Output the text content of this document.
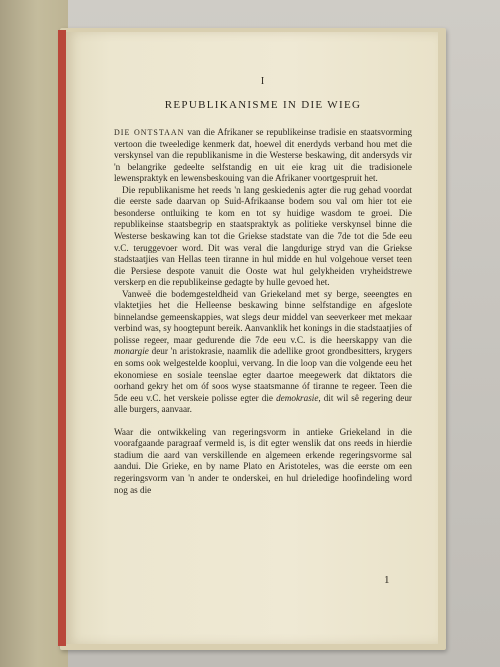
I
REPUBLIKANISME IN DIE WIEG

DIE ONTSTAAN van die Afrikaner se republikeinse tradisie en staatsvorming vertoon die tweeledige kenmerk dat, hoewel dit enerdyds verband hou met die verskynsel van die republikanisme in die Westerse beskawing, dit andersyds vir 'n belangrike gedeelte selfstandig en uit eie krag uit die tradisionele lewenspraktyk en lewensbeskouing van die Afrikaner voortgespruit het.

Die republikanisme het reeds 'n lang geskiedenis agter die rug gehad voordat die eerste sade daarvan op Suid-Afrikaanse bodem sou val om hier tot eie besonderse ontluiking te kom en tot sy huidige wasdom te groei. Die republikeinse staatsbegrip en staatspraktyk as politieke verskynsel binne die Westerse beskawing kan tot die Griekse stadstate van die 7de tot die 5de eeu v.C. teruggevoer word. Dit was veral die langdurige stryd van die Griekse stadstaatjies van Hellas teen tiranne in hul midde en hul volgehoue verset teen die Persiese despote vanuit die Ooste wat hul gelykheiden vryheidstrewe verskerp en die republikeinse gedagte by hulle gevoed het.

Vanweë die bodemgesteldheid van Griekeland met sy berge, seeengtes en vlaktetjies het die Helleense beskawing binne selfstandige en afgeslote binnelandse gemeenskappies, wat slegs deur middel van seeverkeer met mekaar verbind was, sy hoogtepunt bereik. Aanvanklik het konings in die stadstaatjies of polisse regeer, maar gedurende die 7de eeu v.C. is die heerskappy van die monargie deur 'n aristokrasie, naamlik die adellike groot grondbesitters, krygers en soms ook welgestelde kooplui, vervang. In die loop van die volgende eeu het ekonomiese en sosiale teenslae egter daartoe meegewerk dat diktators die oorhand gekry het om óf soos wyse staatsmanne óf tiranne te regeer. Teen die 5de eeu v.C. het verskeie polisse egter die demokrasie, dit wil sê regering deur alle burgers, aanvaar.

Waar die ontwikkeling van regeringsvorm in antieke Griekeland in die voorafgaande paragraaf vermeld is, is dit egter wenslik dat ons reeds in hierdie stadium die aard van verskillende en algemeen erkende regeringsvorme sal aandui. Die Grieke, en by name Plato en Aristoteles, was die eerste om een regeringsvorm van 'n ander te onderskei, en hul drieledige hoofindeling word nog as die

1
